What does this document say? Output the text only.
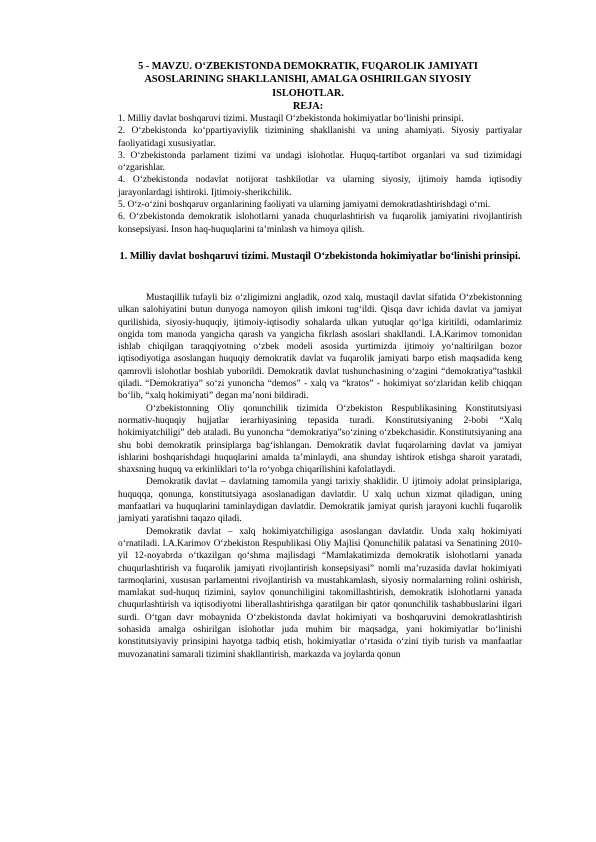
5 - MAVZU. O‘ZBEKISTONDA DEMOKRATIK, FUQAROLIK JAMIYATI

ASOSLARINING SHAKLLANISHI, AMALGA OSHIRILGAN SIYOSIY

ISLOHOTLAR.

REJA:

1. Milliy davlat boshqaruvi tizimi. Mustaqil O‘zbekistonda hokimiyatlar bo‘linishi prinsipi.

2. O‘zbekistonda ko‘ppartiyaviylik tizimining shakllanishi va uning ahamiyati. Siyosiy partiyalar faoliyatidagi xususiyatlar.

3. O‘zbekistonda parlament tizimi va undagi islohotlar. Huquq-tartibot organlari va sud tizimidagi o‘zgarishlar.

4. O‘zbekistonda nodavlat notijorat tashkilotlar va ularning siyosiy, ijtimoiy hamda iqtisodiy jarayonlardagi ishtiroki. Ijtimoiy-sherikchilik.

5. O‘z-o‘zini boshqaruv organlarining faoliyati va ularning jamiyatni demokratlashtirishdagi o‘rni.

6. O‘zbekistonda demokratik islohotlarni yanada chuqurlashtirish va fuqarolik jamiyatini rivojlantirish konsepsiyasi. Inson haq-huquqlarini ta’minlash va himoya qilish.

1. Milliy davlat boshqaruvi tizimi. Mustaqil O‘zbekistonda hokimiyatlar bo‘linishi prinsipi.

Mustaqillik tufayli biz o‘zligimizni angladik, ozod xalq, mustaqil davlat sifatida O‘zbekistonning ulkan salohiyatini butun dunyoga namoyon qilish imkoni tug‘ildi. Qisqa davr ichida davlat va jamiyat qurilishida, siyosiy-huquqiy, ijtimoiy-iqtisodiy sohalarda ulkan yutuqlar qo‘lga kiritildi, odamlarimiz ongida tom manoda yangicha qarash va yangicha fikrlash asoslari shakllandi. I.A.Karimov tomonidan ishlab chiqilgan taraqqiyotning o‘zbek modeli asosida yurtimizda ijtimoiy yo‘naltirilgan bozor iqtisodiyotiga asoslangan huquqiy demokratik davlat va fuqarolik jamiyati barpo etish maqsadida keng qamrovli islohotlar boshlab yuborildi. Demokratik davlat tushunchasining o‘zagini “demokratiya”tashkil qiladi. “Demokratiya” so‘zi yunoncha “demos” - xalq va “kratos” - hokimiyat so‘zlaridan kelib chiqqan bo‘lib, “xalq hokimiyati” degan ma’noni bildiradi.

O‘zbekistonning Oliy qonunchilik tizimida O‘zbekiston Respublikasining Konstitutsiyasi normativ-huquqiy hujjatlar ierarhiyasining tepasida turadi. Konstitutsiyaning 2-bobi “Xalq hokimiyatchiligi” deb ataladi. Bu yunoncha “demokratiya”so‘zining o‘zbekchasidir. Konstitutsiyaning ana shu bobi demokratik prinsiplarga bag‘ishlangan. Demokratik davlat fuqarolarning davlat va jamiyat ishlarini boshqarishdagi huquqlarini amalda ta’minlaydi, ana shunday ishtirok etishga sharoit yaratadi, shaxsning huquq va erkinliklari to‘la ro‘yobga chiqarilishini kafolatlaydi.

Demokratik davlat – davlatning tamomila yangi tarixiy shaklidir. U ijtimoiy adolat prinsiplariga, huquqqa, qonunga, konstitutsiyaga asoslanadigan davlatdir. U xalq uchun xizmat qiladigan, uning manfaatlari va huquqlarini taminlaydigan davlatdir. Demokratik jamiyat qurish jarayoni kuchli fuqarolik jamiyati yaratishni taqazo qiladi.

Demokratik davlat – xalq hokimiyatchiligiga asoslangan davlatdir. Unda xalq hokimiyati o‘rnatiladi. I.A.Karimov O‘zbekiston Respublikasi Oliy Majlisi Qonunchilik palatasi va Senatining 2010-yil 12-noyabrda o‘tkazilgan qo‘shma majlisdagi “Mamlakatimizda demokratik islohotlarni yanada chuqurlashtirish va fuqarolik jamiyati rivojlantirish konsepsiyasi” nomli ma’ruzasida davlat hokimiyati tarmoqlarini, xususan parlamentni rivojlantirish va mustahkamlash, siyosiy normalarning rolini oshirish, mamlakat sud-huquq tizimini, saylov qonunchiligini takomillashtirish, demokratik islohotlarni yanada chuqurlashtirish va iqtisodiyotni liberallashtirishga qaratilgan bir qator qonunchilik tashabbuslarini ilgari surdi. O‘tgan davr mobaynida O‘zbekistonda davlat hokimiyati va boshqaruvini demokratlashtirish sohasida amalga oshirilgan islohotlar juda muhim bir maqsadga, yani hokimiyatlar bo‘linishi konstitutsiyaviy prinsipini hayotga tadbiq etish, hokimiyatlar o‘rtasida o‘zini tiyib turish va manfaatlar muvozanatini samarali tizimini shakllantirish, markazda va joylarda qonun
